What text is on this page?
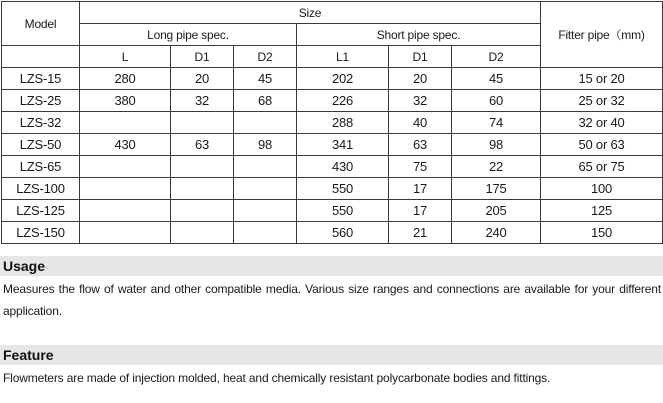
Model	Size						Fitter pipe（mm)
	Long pipe spec.			Short pipe spec.			
	L	D1	D2	L1	D1	D2	
LZS-15	280	20	45	202	20	45	15 or 20
LZS-25	380	32	68	226	32	60	25 or 32
LZS-32				288	40	74	32 or 40
LZS-50	430	63	98	341	63	98	50 or 63
LZS-65				430	75	22	65 or 75
LZS-100				550	17	175	100
LZS-125				550	17	205	125
LZS-150				560	21	240	150
Usage
Measures the flow of water and other compatible media. Various size ranges and connections are available for your different application.
Feature
Flowmeters are made of injection molded, heat and chemically resistant polycarbonate bodies and fittings.
